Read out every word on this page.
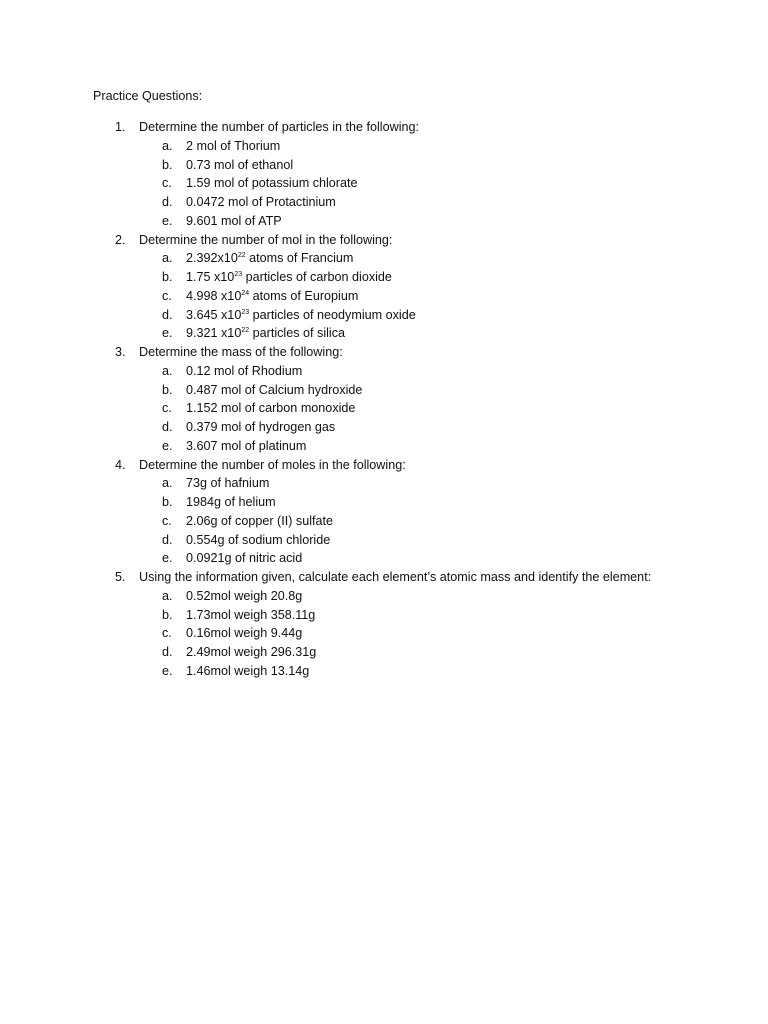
Practice Questions:
1.	Determine the number of particles in the following:
a.	2 mol of Thorium
b.	0.73 mol of ethanol
c.	1.59 mol of potassium chlorate
d.	0.0472 mol of Protactinium
e.	9.601 mol of ATP
2.	Determine the number of mol in the following:
a.	$2.392x10^{22}$ atoms of Francium
b.	1.75 $x10^{23}$ particles of carbon dioxide
c.	4.998 $x10^{24}$ atoms of Europium
d.	3.645 $x10^{23}$ particles of neodymium oxide
e.	9.321 $x10^{22}$ particles of silica
3.	Determine the mass of the following:
a.	0.12 mol of Rhodium
b.	0.487 mol of Calcium hydroxide
c.	1.152 mol of carbon monoxide
d.	0.379 mol of hydrogen gas
e.	3.607 mol of platinum
4.	Determine the number of moles in the following:
a.	73g of hafnium
b.	1984g of helium
c.	2.06g of copper (II) sulfate
d.	0.554g of sodium chloride
e.	0.0921g of nitric acid
5.	Using the information given, calculate each element’s atomic mass and identify the element:
a.	0.52mol weigh 20.8g
b.	1.73mol weigh 358.11g
c.	0.16mol weigh 9.44g
d.	2.49mol weigh 296.31g
e.	1.46mol weigh 13.14g
